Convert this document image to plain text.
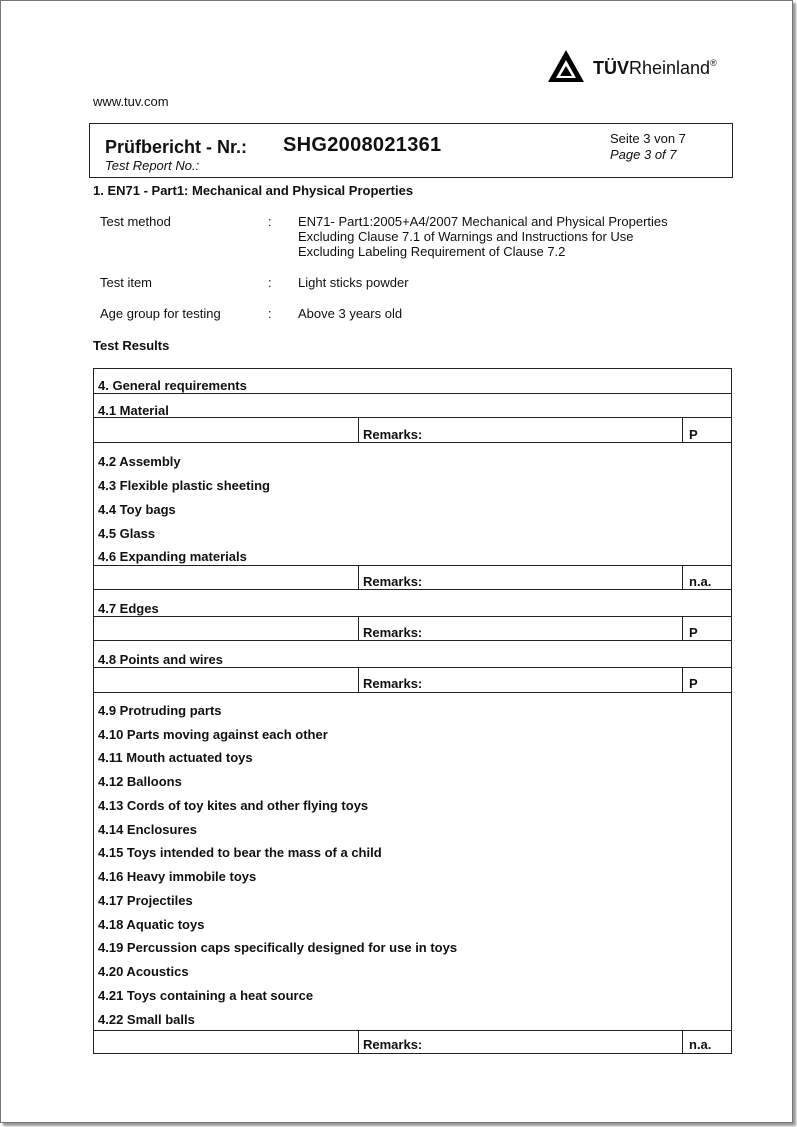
TÜVRheinland®
www.tuv.com
Prüfbericht - Nr.:
Test Report No.:
SHG2008021361	Seite 3 von 7
Page 3 of 7
1. EN71 - Part1: Mechanical and Physical Properties
Test method	: EN71- Part1:2005+A4/2007 Mechanical and Physical Properties
Excluding Clause 7.1 of Warnings and Instructions for Use
Excluding Labeling Requirement of Clause 7.2
Test item	: Light sticks powder
Age group for testing	: Above 3 years old
Test Results
4. General requirements
4.1 Material
Remarks:	P
4.2 Assembly
4.3 Flexible plastic sheeting
4.4 Toy bags
4.5 Glass
4.6 Expanding materials
Remarks:	n.a.
4.7 Edges
Remarks:	P
4.8 Points and wires
Remarks:	P
4.9 Protruding parts
4.10 Parts moving against each other
4.11 Mouth actuated toys
4.12 Balloons
4.13 Cords of toy kites and other flying toys
4.14 Enclosures
4.15 Toys intended to bear the mass of a child
4.16 Heavy immobile toys
4.17 Projectiles
4.18 Aquatic toys
4.19 Percussion caps specifically designed for use in toys
4.20 Acoustics
4.21 Toys containing a heat source
4.22 Small balls
Remarks:	n.a.
